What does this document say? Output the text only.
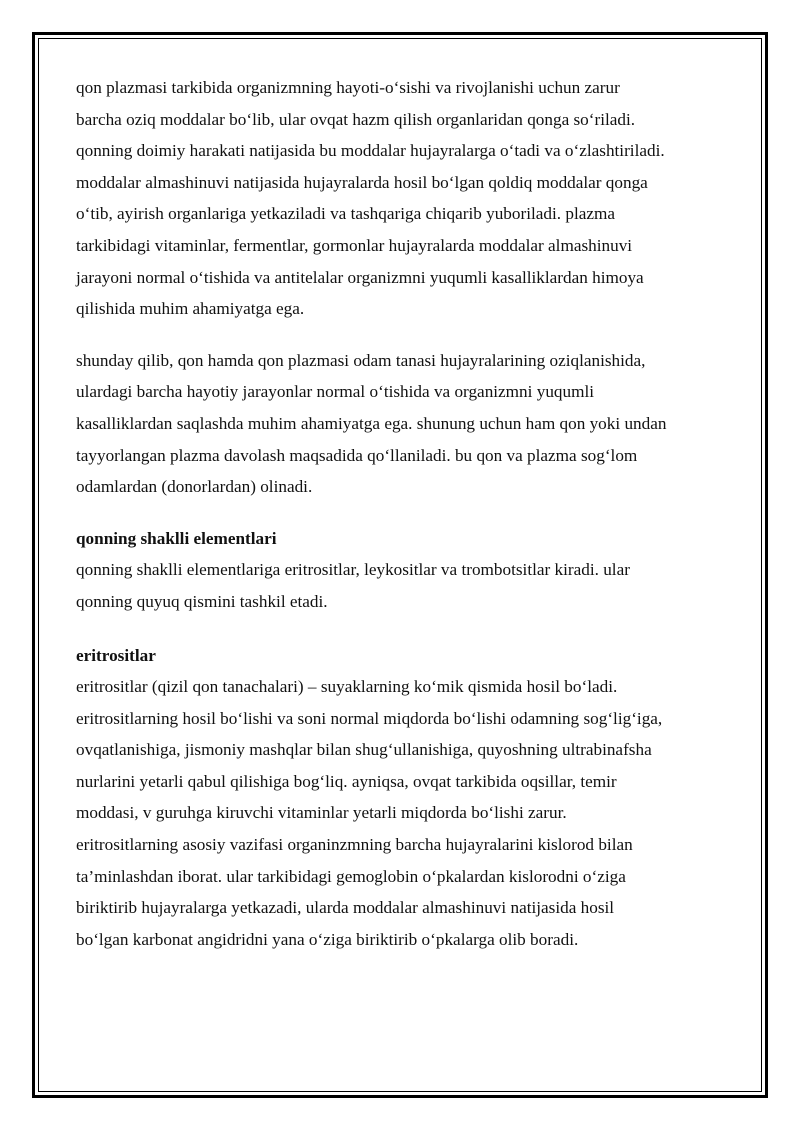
qon plazmasi tarkibida organizmning hayoti-o‘sishi va rivojlanishi uchun zarur
barcha oziq moddalar bo‘lib, ular ovqat hazm qilish organlaridan qonga so‘riladi.
qonning doimiy harakati natijasida bu moddalar hujayralarga o‘tadi va o‘zlashtiriladi.
moddalar almashinuvi natijasida hujayralarda hosil bo‘lgan qoldiq moddalar qonga
o‘tib, ayirish organlariga yetkaziladi va tashqariga chiqarib yuboriladi. plazma
tarkibidagi vitaminlar, fermentlar, gormonlar hujayralarda moddalar almashinuvi
jarayoni normal o‘tishida va antitelalar organizmni yuqumli kasalliklardan himoya
qilishida muhim ahamiyatga ega.
shunday qilib, qon hamda qon plazmasi odam tanasi hujayralarining oziqlanishida,
ulardagi barcha hayotiy jarayonlar normal o‘tishida va organizmni yuqumli
kasalliklardan saqlashda muhim ahamiyatga ega. shunung uchun ham qon yoki undan
tayyorlangan plazma davolash maqsadida qo‘llaniladi. bu qon va plazma sog‘lom
odamlardan (donorlardan) olinadi.
qonning shaklli elementlari
qonning shaklli elementlariga eritrositlar, leykositlar va trombotsitlar kiradi. ular
qonning quyuq qismini tashkil etadi.
eritrositlar
eritrositlar (qizil qon tanachalari) – suyaklarning ko‘mik qismida hosil bo‘ladi.
eritrositlarning hosil bo‘lishi va soni normal miqdorda bo‘lishi odamning sog‘lig‘iga,
ovqatlanishiga, jismoniy mashqlar bilan shug‘ullanishiga, quyoshning ultrabinafsha
nurlarini yetarli qabul qilishiga bog‘liq. ayniqsa, ovqat tarkibida oqsillar, temir
moddasi, v guruhga kiruvchi vitaminlar yetarli miqdorda bo‘lishi zarur.
eritrositlarning asosiy vazifasi organinzmning barcha hujayralarini kislorod bilan
ta’minlashdan iborat. ular tarkibidagi gemoglobin o‘pkalardan kislorodni o‘ziga
biriktirib hujayralarga yetkazadi, ularda moddalar almashinuvi natijasida hosil
bo‘lgan karbonat angidridni yana o‘ziga biriktirib o‘pkalarga olib boradi.
